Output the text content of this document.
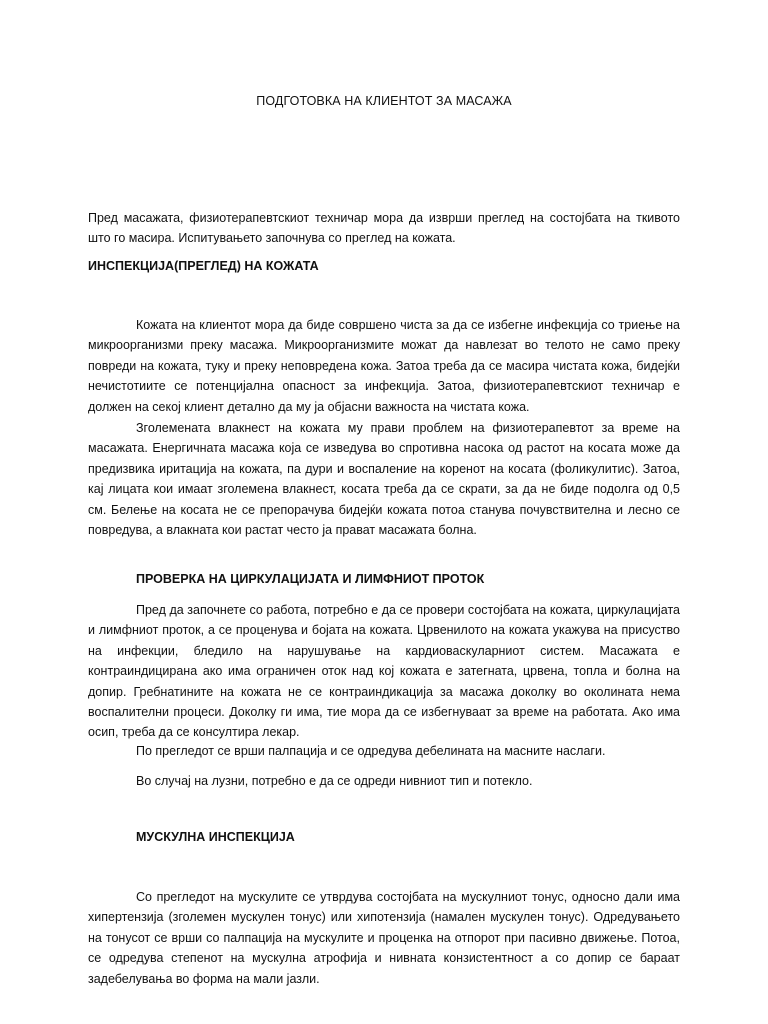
ПОДГОТОВКА НА КЛИЕНТОТ ЗА МАСАЖА
Пред масажата, физиотерапевтскиот техничар мора да изврши преглед на состојбата на ткивото што го масира. Испитувањето започнува со преглед на кожата.
ИНСПЕКЦИЈА(ПРЕГЛЕД) НА КОЖАТА
Кожата на клиентот мора да биде совршено чиста за да се избегне инфекција со триење на микроорганизми преку масажа. Микроорганизмите можат да навлезат во телото не само преку повреди на кожата, туку и преку неповредена кожа. Затоа треба да се масира чистата кожа, бидејќи нечистотиите се потенцијална опасност за инфекција. Затоа, физиотерапевтскиот техничар е должен на секој клиент детално да му ја објасни важноста на чистата кожа.
Зголемената влакнест на кожата му прави проблем на физиотерапевтот за време на масажата. Енергичната масажа која се изведува во спротивна насока од растот на косата може да предизвика иритација на кожата, па дури и воспаление на коренот на косата (фоликулитис). Затоа, кај лицата кои имаат зголемена влакнест, косата треба да се скрати, за да не биде подолга од 0,5 см. Белење на косата не се препорачува бидејќи кожата потоа станува почувствителна и лесно се повредува, а влакната кои растат често ја прават масажата болна.
ПРОВЕРКА НА ЦИРКУЛАЦИЈАТА И ЛИМФНИОТ ПРОТОК
Пред да започнете со работа, потребно е да се провери состојбата на кожата, циркулацијата и лимфниот проток, а се проценува и бојата на кожата. Црвенилото на кожата укажува на присуство на инфекции, бледило на нарушување на кардиоваскуларниот систем. Масажата е контраиндицирана ако има ограничен оток над кој кожата е затегната, црвена, топла и болна на допир. Гребнатините на кожата не се контраиндикација за масажа доколку во околината нема воспалителни процеси. Доколку ги има, тие мора да се избегнуваат за време на работата. Ако има осип, треба да се консултира лекар.
По прегледот се врши палпација и се одредува дебелината на масните наслаги.
Во случај на лузни, потребно е да се одреди нивниот тип и потекло.
МУСКУЛНА ИНСПЕКЦИЈА
Со прегледот на мускулите се утврдува состојбата на мускулниот тонус, односно дали има хипертензија (зголемен мускулен тонус) или хипотензија (намален мускулен тонус). Одредувањето на тонусот се врши со палпација на мускулите и проценка на отпорот при пасивно движење. Потоа, се одредува степенот на мускулна атрофија и нивната конзистентност а со допир се бараат задебелувања во форма на мали јазли.
